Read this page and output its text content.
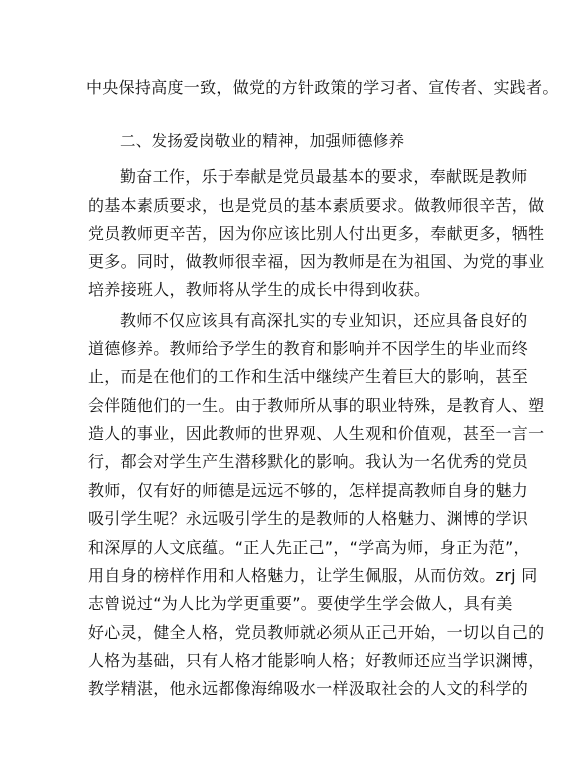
中央保持高度一致，做党的方针政策的学习者、宣传者、实践者。
二、发扬爱岗敬业的精神，加强师德修养
勤奋工作，乐于奉献是党员最基本的要求，奉献既是教师
的基本素质要求，也是党员的基本素质要求。做教师很辛苦，做
党员教师更辛苦，因为你应该比别人付出更多，奉献更多，牺牲
更多。同时，做教师很幸福，因为教师是在为祖国、为党的事业
培养接班人，教师将从学生的成长中得到收获。
教师不仅应该具有高深扎实的专业知识，还应具备良好的
道德修养。教师给予学生的教育和影响并不因学生的毕业而终
止，而是在他们的工作和生活中继续产生着巨大的影响，甚至
会伴随他们的一生。由于教师所从事的职业特殊，是教育人、塑
造人的事业，因此教师的世界观、人生观和价值观，甚至一言一
行，都会对学生产生潜移默化的影响。我认为一名优秀的党员
教师，仅有好的师德是远远不够的，怎样提高教师自身的魅力
吸引学生呢？永远吸引学生的是教师的人格魅力、渊博的学识
和深厚的人文底蕴。“正人先正己”，“学高为师，身正为范”，
用自身的榜样作用和人格魅力，让学生佩服，从而仿效。zrj 同
志曾说过“为人比为学更重要”。要使学生学会做人，具有美
好心灵，健全人格，党员教师就必须从正己开始，一切以自己的
人格为基础，只有人格才能影响人格；好教师还应当学识渊博，
教学精湛，他永远都像海绵吸水一样汲取社会的人文的科学的
